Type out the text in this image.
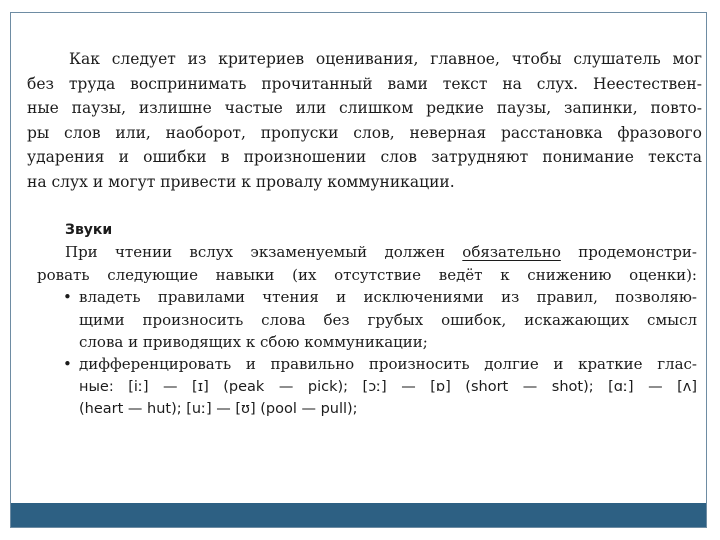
Как следует из критериев оценивания, главное, чтобы слушатель мог
без труда воспринимать прочитанный вами текст на слух. Неестествен-
ные паузы, излишне частые или слишком редкие паузы, запинки, повто-
ры слов или, наоборот, пропуски слов, неверная расстановка фразового
ударения и ошибки в произношении слов затрудняют понимание текста
на слух и могут привести к провалу коммуникации.
Звуки
При чтении вслух экзаменуемый должен обязательно продемонстри-
ровать следующие навыки (их отсутствие ведёт к снижению оценки):
• владеть правилами чтения и исключениями из правил, позволяю-
щими произносить слова без грубых ошибок, искажающих смысл
слова и приводящих к сбою коммуникации;
• дифференцировать и правильно произносить долгие и краткие глас-
ные: [iː] — [ɪ] (peak — pick); [ɔː] — [ɒ] (short — shot); [ɑː] — [ʌ]
(heart — hut); [uː] — [ʊ] (pool — pull);
